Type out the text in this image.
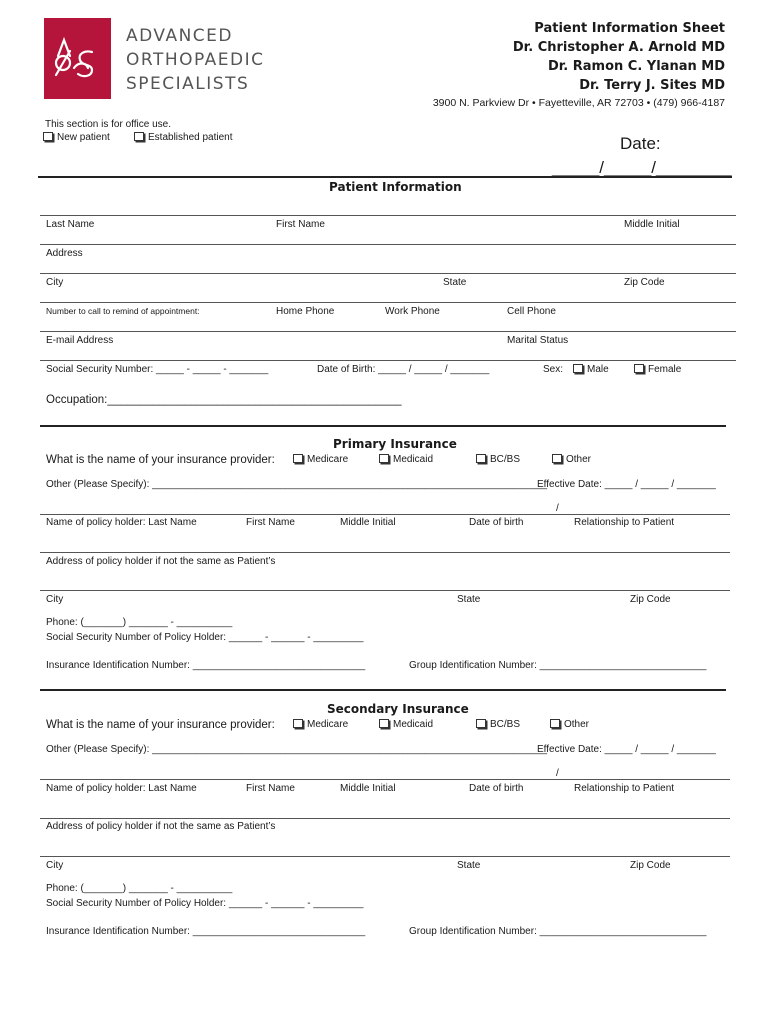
ADVANCED
ORTHOPAEDIC
SPECIALISTS
Patient Information Sheet
Dr. Christopher A. Arnold MD
Dr. Ramon C. Ylanan MD
Dr. Terry J. Sites MD
3900 N. Parkview Dr • Fayetteville, AR 72703 • (479) 966-4187
This section is for office use.
New patient	Established patient	Date:
_____/_____/________
Patient Information
Last Name	First Name	Middle Initial
Address
City	State	Zip Code
Number to call to remind of appointment:	Home Phone	Work Phone	Cell Phone
E-mail Address	Marital Status
Social Security Number: _____ - _____ - _______	Date of Birth: _____ / _____ / _______	Sex:	Male	Female
Occupation:______________________________________________
Primary Insurance
What is the name of your insurance provider:	Medicare	Medicaid	BC/BS	Other
Other (Please Specify): _______________________________________________________________________
Effective Date: _____ / _____ / _______
/
Name of policy holder: Last Name	First Name	Middle Initial	Date of birth	Relationship to Patient
Address of policy holder if not the same as Patient’s
City	State	Zip Code
Phone: (_______) _______ - __________
Social Security Number of Policy Holder: ______ - ______ - _________
Insurance Identification Number: _______________________________	Group Identification Number: ______________________________
Secondary Insurance
What is the name of your insurance provider:	Medicare	Medicaid	BC/BS	Other
Other (Please Specify): _______________________________________________________________________
Effective Date: _____ / _____ / _______
/
Name of policy holder: Last Name	First Name	Middle Initial	Date of birth	Relationship to Patient
Address of policy holder if not the same as Patient’s
City	State	Zip Code
Phone: (_______) _______ - __________
Social Security Number of Policy Holder: ______ - ______ - _________
Insurance Identification Number: _______________________________	Group Identification Number: ______________________________
